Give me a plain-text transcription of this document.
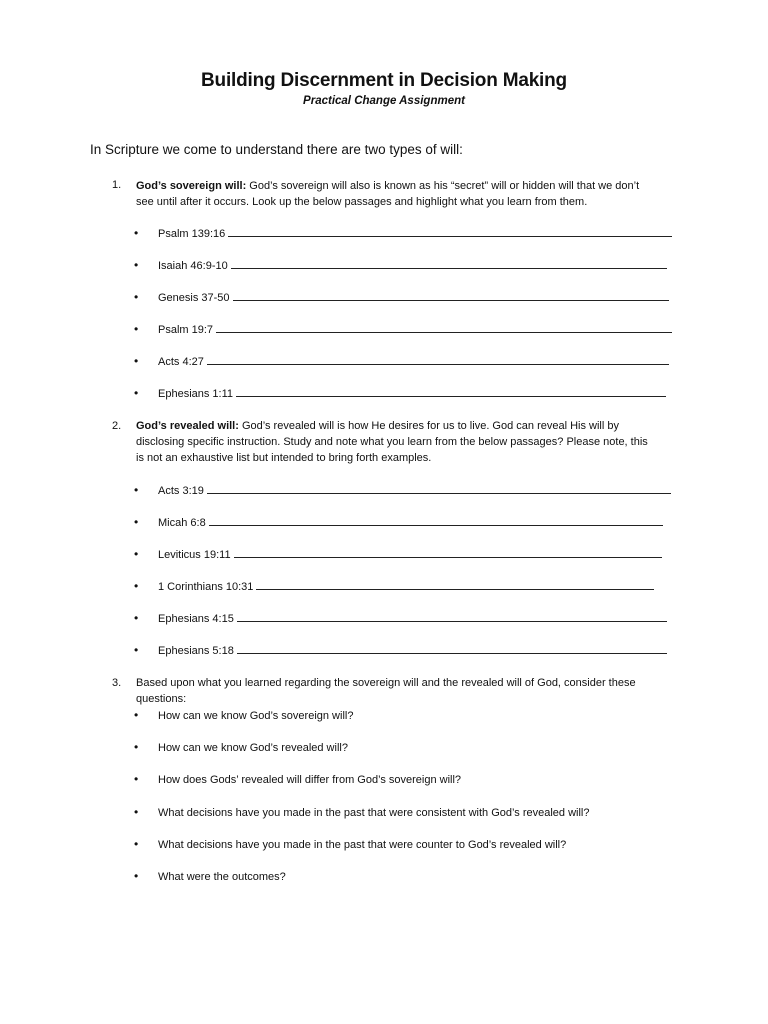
Building Discernment in Decision Making
Practical Change Assignment
In Scripture we come to understand there are two types of will:
1. God’s sovereign will: God’s sovereign will also is known as his “secret” will or hidden will that we don’t
see until after it occurs. Look up the below passages and highlight what you learn from them.
•	Psalm 139:16
•	Isaiah 46:9-10
•	Genesis 37-50
•	Psalm 19:7
•	Acts 4:27
•	Ephesians 1:11
2. God’s revealed will: God’s revealed will is how He desires for us to live. God can reveal His will by
disclosing specific instruction. Study and note what you learn from the below passages? Please note, this
is not an exhaustive list but intended to bring forth examples.
•	Acts 3:19
•	Micah 6:8
•	Leviticus 19:11
•	1 Corinthians 10:31
•	Ephesians 4:15
•	Ephesians 5:18
3. Based upon what you learned regarding the sovereign will and the revealed will of God, consider these
questions:
•	How can we know God’s sovereign will?
•	How can we know God’s revealed will?
•	How does Gods’ revealed will differ from God’s sovereign will?
•	What decisions have you made in the past that were consistent with God’s revealed will?
•	What decisions have you made in the past that were counter to God’s revealed will?
•	What were the outcomes?
